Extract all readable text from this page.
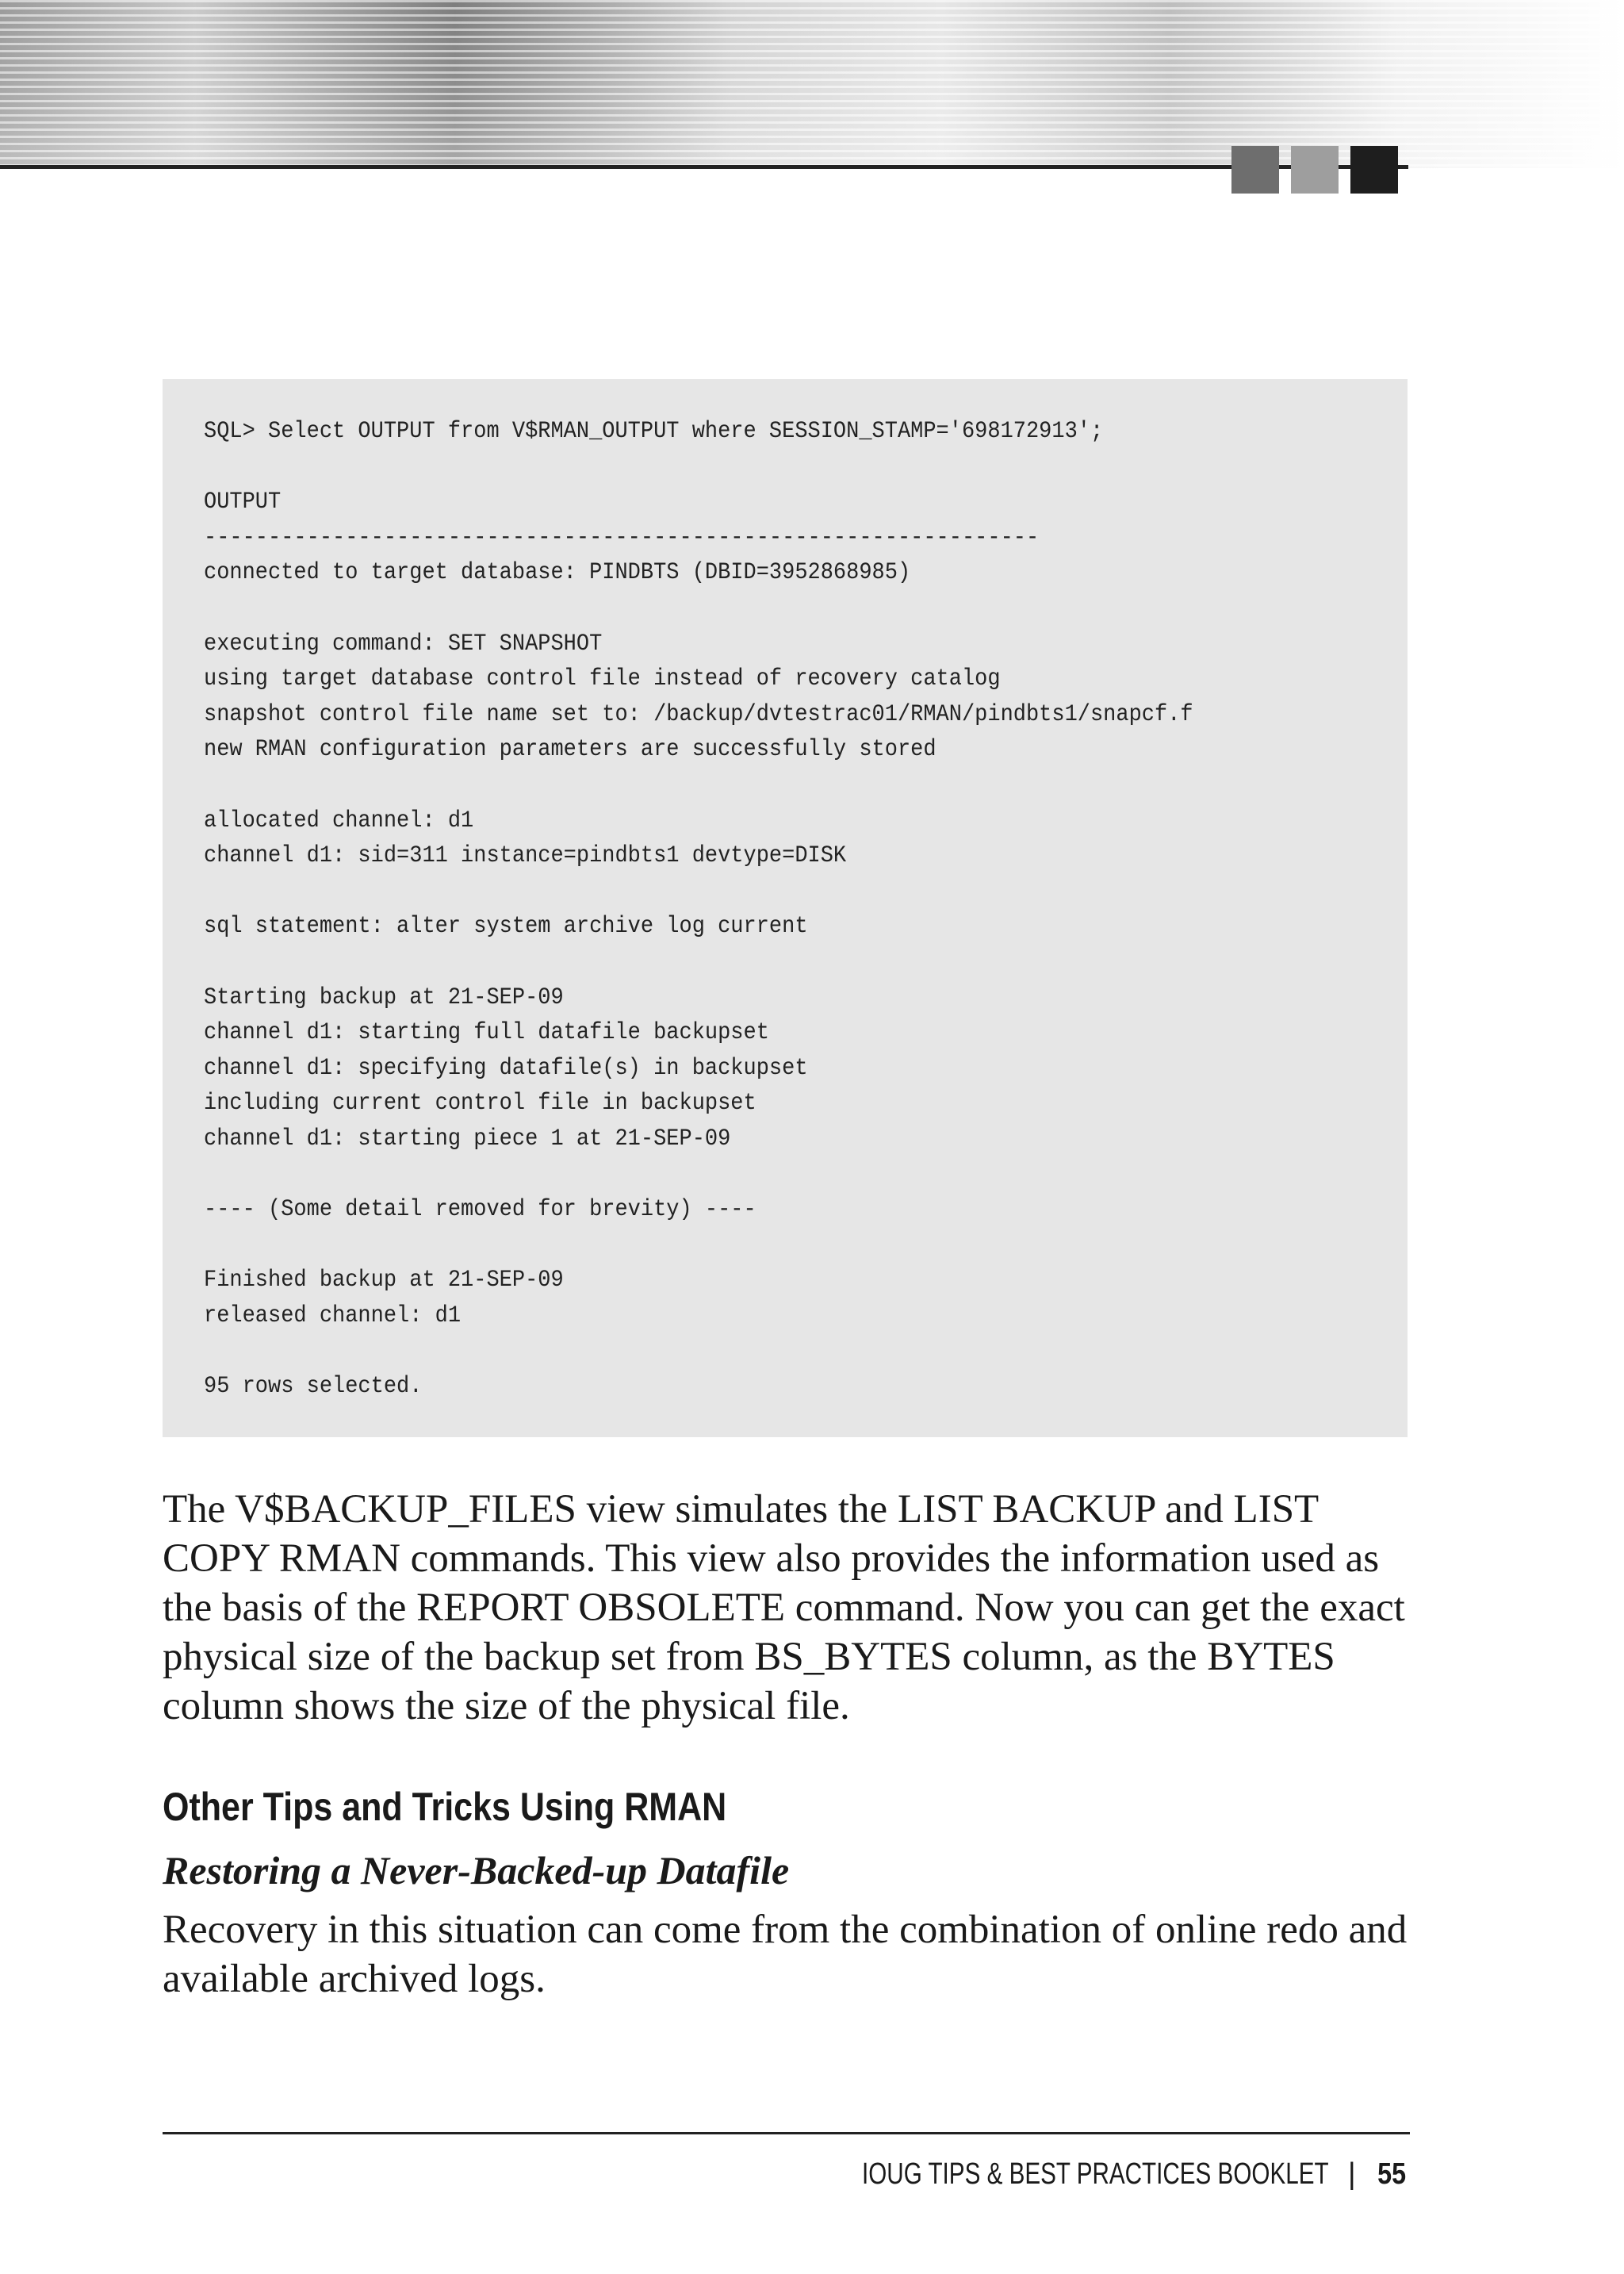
SQL> Select OUTPUT from V$RMAN_OUTPUT where SESSION_STAMP='698172913';
OUTPUT
-----------------------------------------------------------------
connected to target database: PINDBTS (DBID=3952868985)
executing command: SET SNAPSHOT
using target database control file instead of recovery catalog
snapshot control file name set to: /backup/dvtestrac01/RMAN/pindbts1/snapcf.f
new RMAN configuration parameters are successfully stored
allocated channel: d1
channel d1: sid=311 instance=pindbts1 devtype=DISK
sql statement: alter system archive log current
Starting backup at 21-SEP-09
channel d1: starting full datafile backupset
channel d1: specifying datafile(s) in backupset
including current control file in backupset
channel d1: starting piece 1 at 21-SEP-09
---- (Some detail removed for brevity) ----
Finished backup at 21-SEP-09
released channel: d1
95 rows selected.

The V$BACKUP_FILES view simulates the LIST BACKUP and LIST COPY RMAN commands. This view also provides the information used as the basis of the REPORT OBSOLETE command. Now you can get the exact physical size of the backup set from BS_BYTES column, as the BYTES column shows the size of the physical file.

Other Tips and Tricks Using RMAN
Restoring a Never-Backed-up Datafile

Recovery in this situation can come from the combination of online redo and available archived logs.

IOUG TIPS & BEST PRACTICES BOOKLET | 55
